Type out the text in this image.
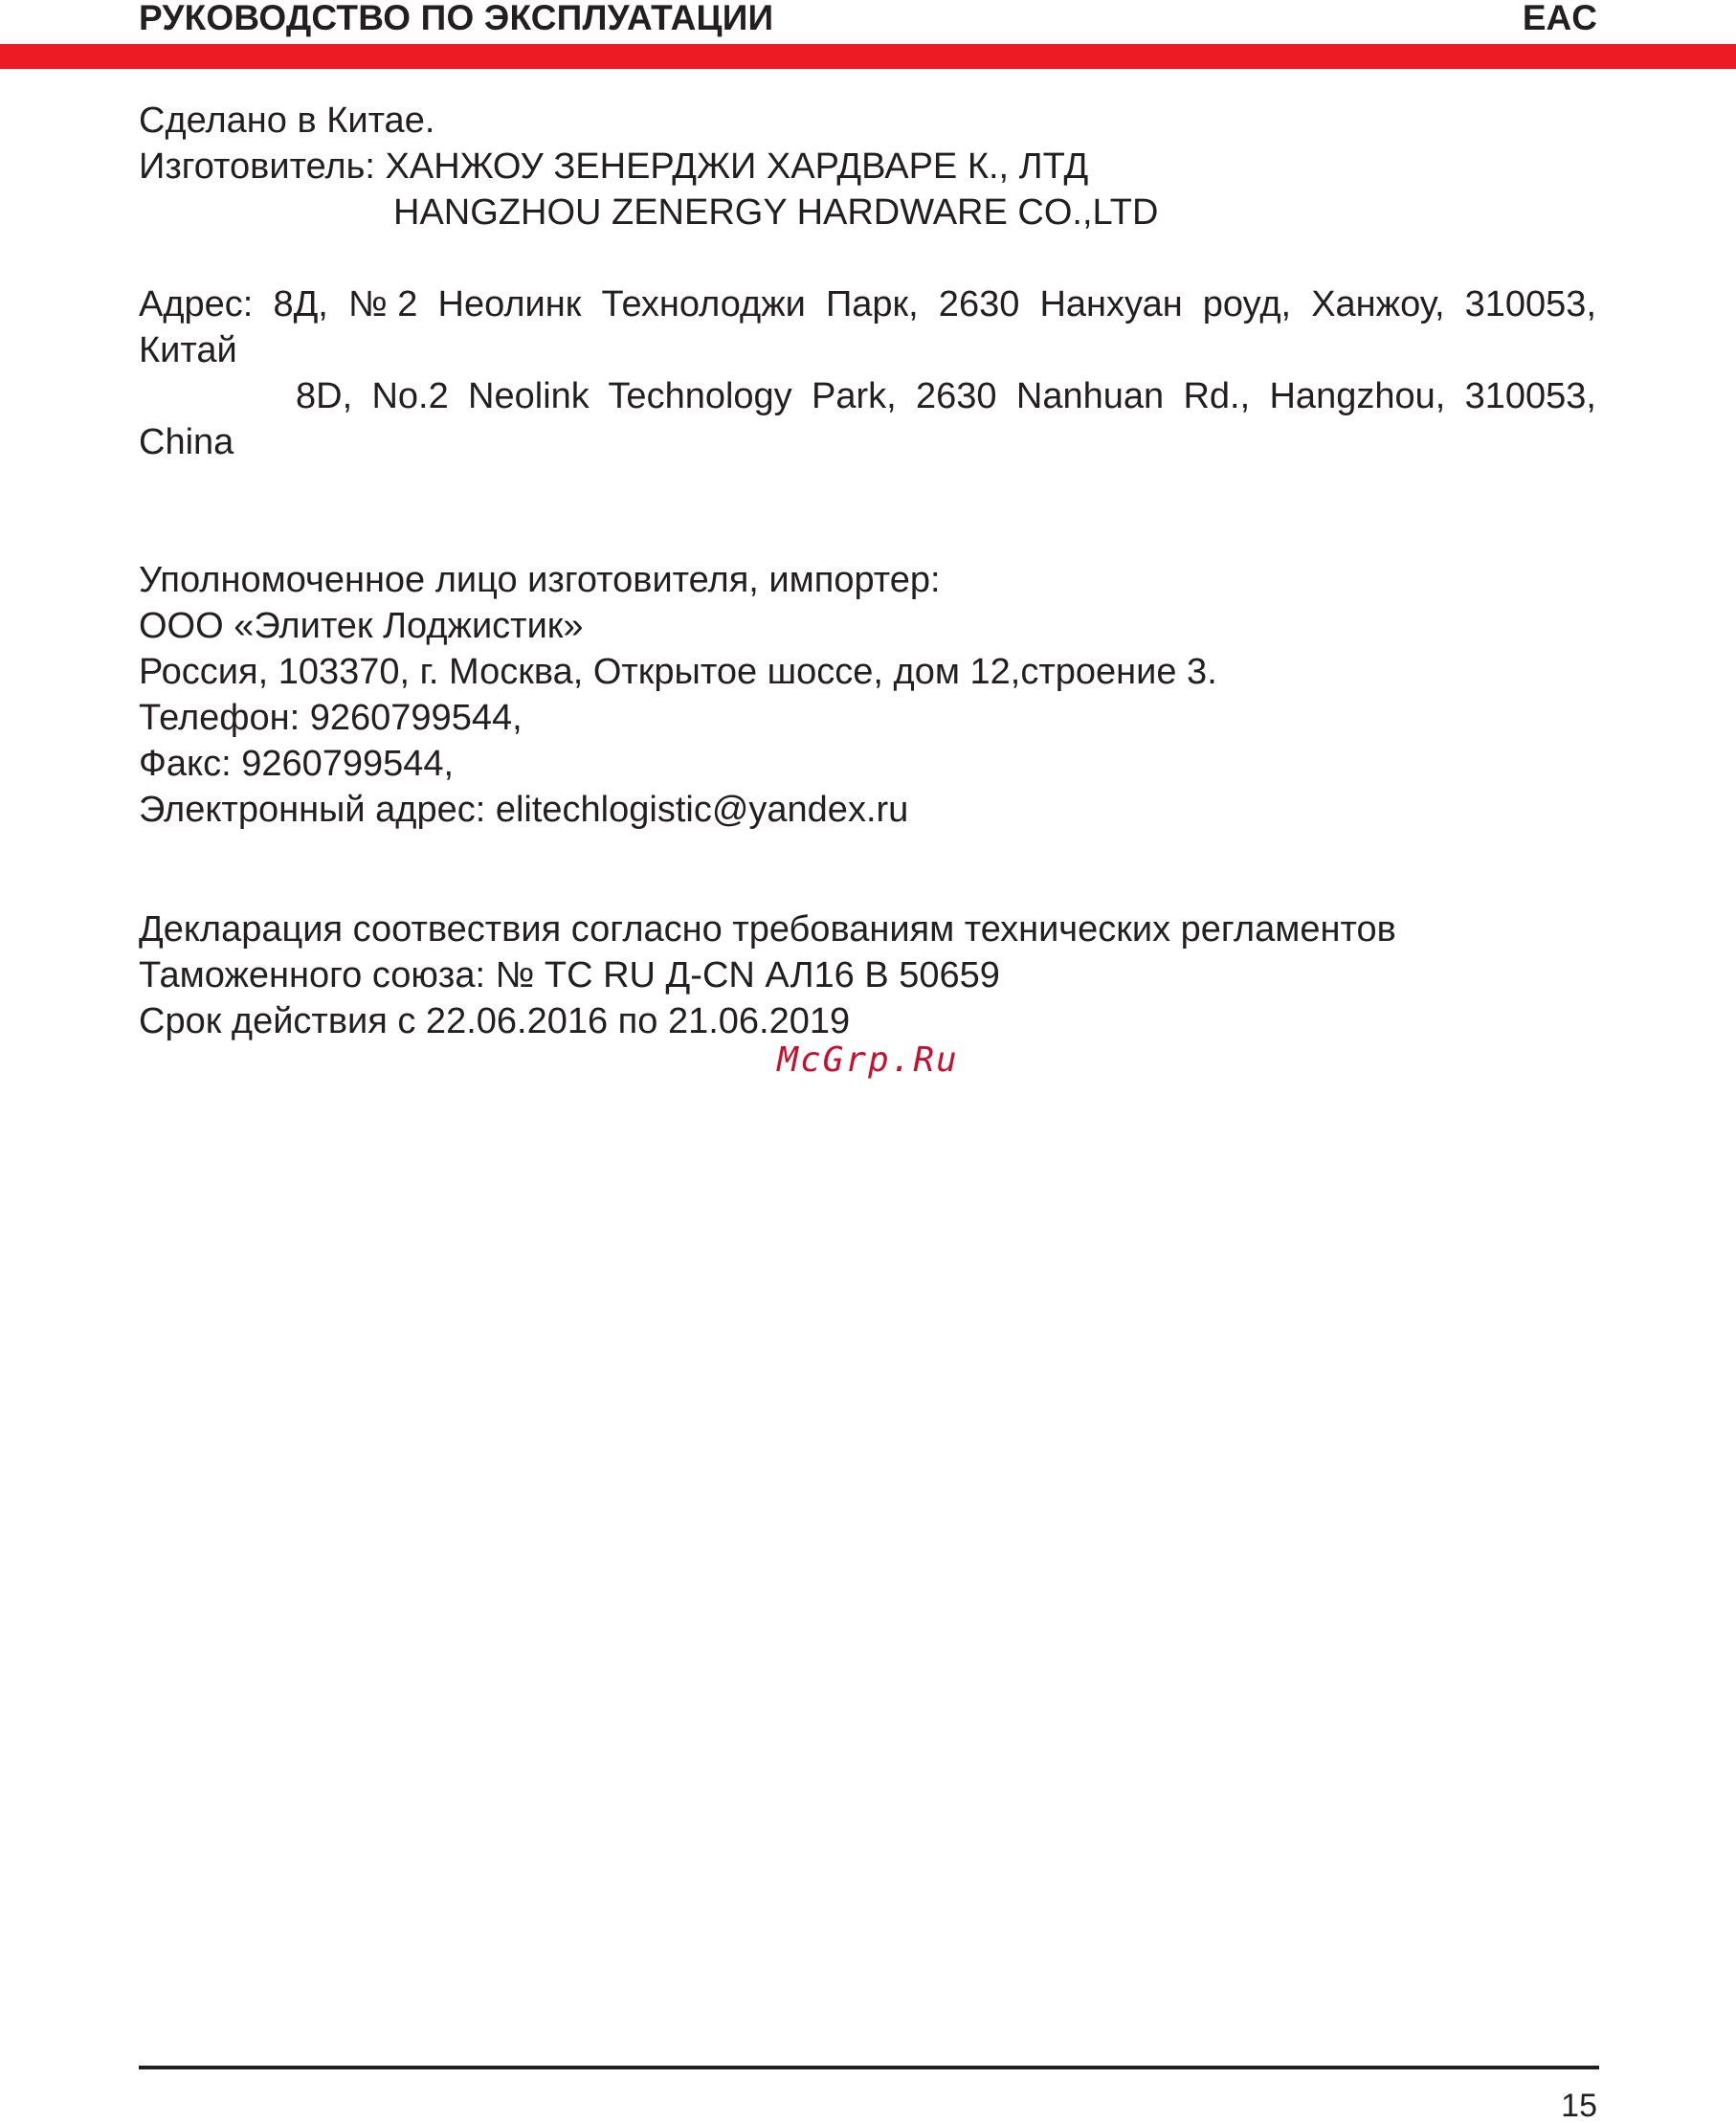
РУКОВОДСТВО ПО ЭКСПЛУАТАЦИИ	EAC
Сделано в Китае.
Изготовитель: ХАНЖОУ ЗЕНЕРДЖИ ХАРДВАРЕ К., ЛТД
HANGZHOU ZENERGY HARDWARE CO.,LTD
Адрес: 8Д, №2 Неолинк Технолоджи Парк, 2630 Нанхуан роуд, Ханжоу, 310053,
Китай
8D, No.2 Neolink Technology Park, 2630 Nanhuan Rd., Hangzhou, 310053,
China
Уполномоченное лицо изготовителя, импортер:
ООО «Элитек Лоджистик»
Россия, 103370, г. Москва, Открытое шоссе, дом 12,строение 3.
Телефон: 9260799544,
Факс: 9260799544,
Электронный адрес: elitechlogistic@yandex.ru
Декларация соотвествия согласно требованиям технических регламентов
Таможенного союза: № ТС RU Д-CN АЛ16 В 50659
Срок действия с 22.06.2016 по 21.06.2019
McGrp.Ru
15
